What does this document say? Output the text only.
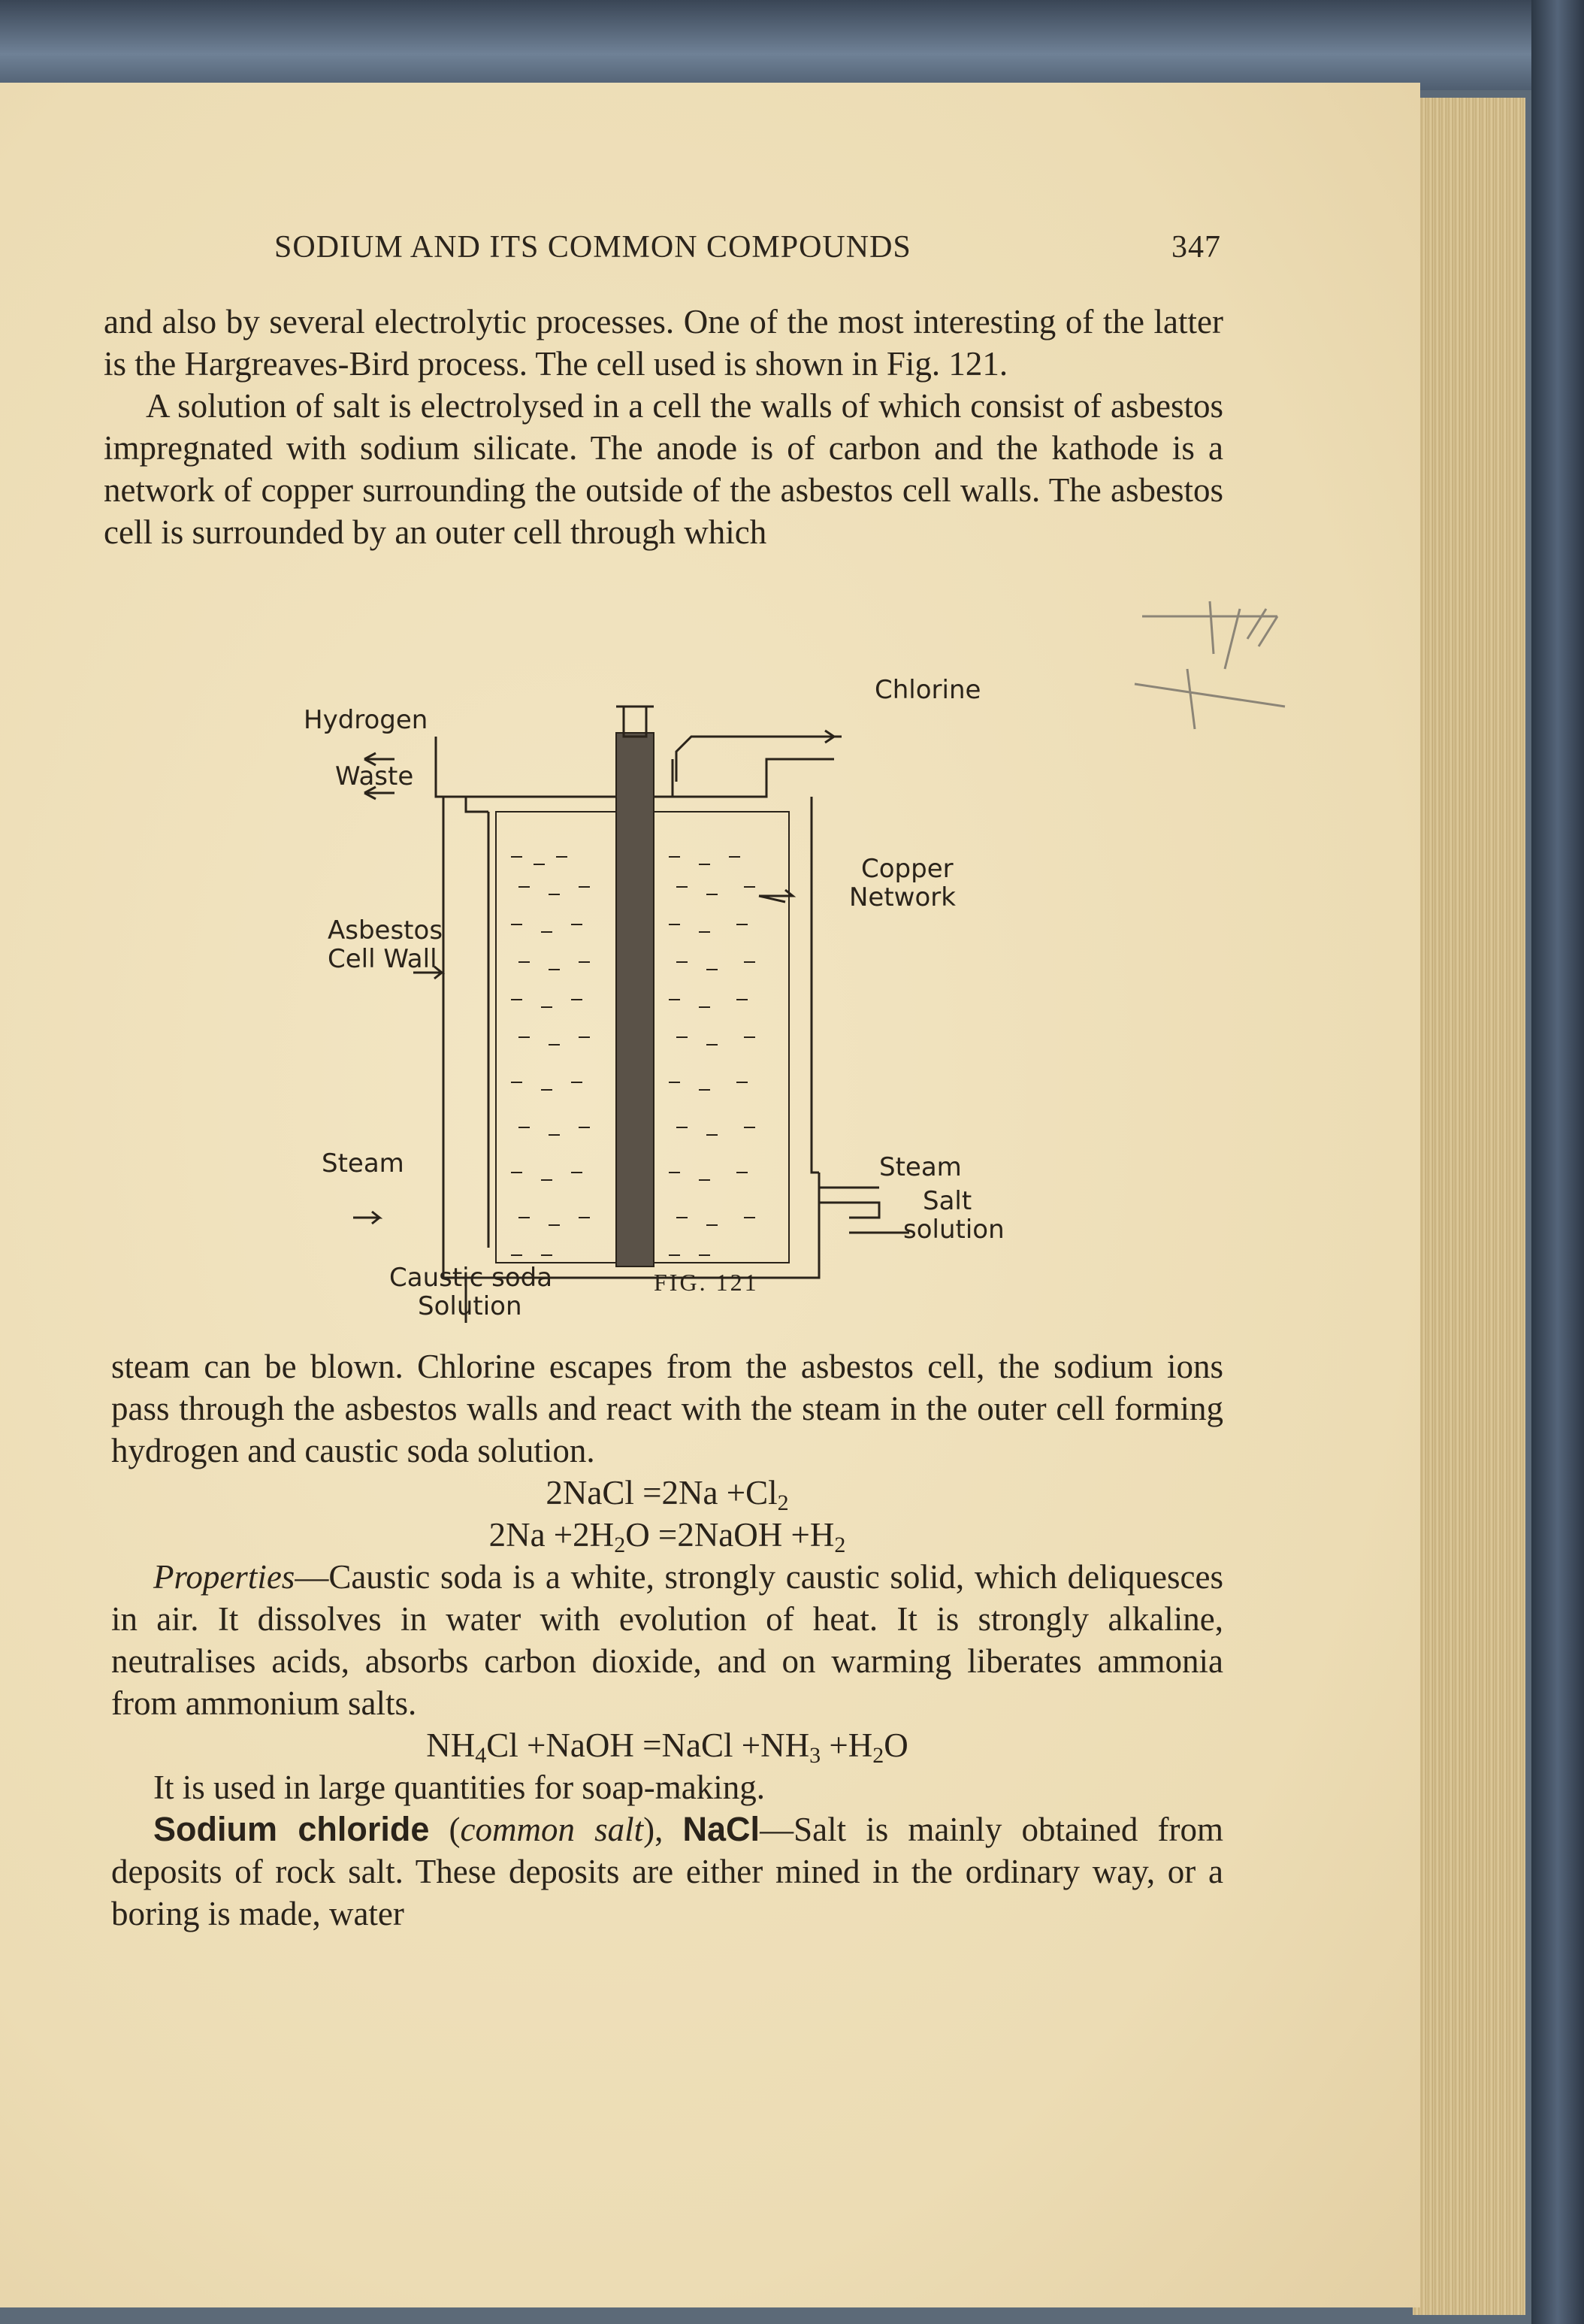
SODIUM AND ITS COMMON COMPOUNDS	347

and also by several electrolytic processes. One of the most interesting of the latter is the Hargreaves-Bird process. The cell used is shown in Fig. 121.

A solution of salt is electrolysed in a cell the walls of which consist of asbestos impregnated with sodium silicate. The anode is of carbon and the kathode is a network of copper surrounding the outside of the asbestos cell walls. The asbestos cell is surrounded by an outer cell through which

Hydrogen
Waste
Chlorine
Copper
Network
Asbestos
Cell Wall
Steam	Steam
Salt
solution
Caustic soda
Solution
FIG. 121

steam can be blown. Chlorine escapes from the asbestos cell, the sodium ions pass through the asbestos walls and react with the steam in the outer cell forming hydrogen and caustic soda solution.

2NaCl $=2Na +Cl_2$
$2Na +2H_2O$ =2NaOH $+H_2$

Properties—Caustic soda is a white, strongly caustic solid, which deliquesces in air. It dissolves in water with evolution of heat. It is strongly alkaline, neutralises acids, absorbs carbon dioxide, and on warming liberates ammonia from ammonium salts.

$NH_4Cl$ +NaOH =NaCl $+NH_3 +H_2O$

It is used in large quantities for soap-making.

Sodium chloride (common salt), NaCl—Salt is mainly obtained from deposits of rock salt. These deposits are either mined in the ordinary way, or a boring is made, water
